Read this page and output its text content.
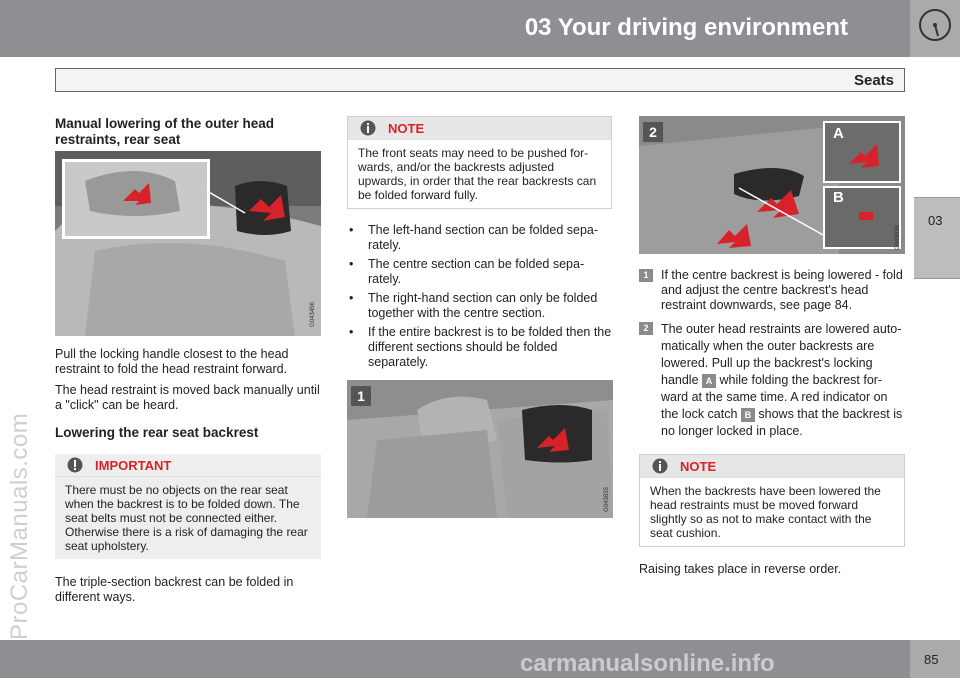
03 Your driving environment
Seats
03
ProCarManuals.com
Manual lowering of the outer head restraints, rear seat
G043456

Pull the locking handle closest to the head restraint to fold the head restraint forward.

The head restraint is moved back manually until a "click" can be heard.

Lowering the rear seat backrest
IMPORTANT
There must be no objects on the rear seat when the backrest is to be folded down. The seat belts must not be connected either. Otherwise there is a risk of damaging the rear seat upholstery.

The triple-section backrest can be folded in different ways.

NOTE
The front seats may need to be pushed for-wards, and/or the backrests adjusted upwards, in order that the rear backrests can be folded forward fully.
• The left-hand section can be folded sepa-rately.
• The centre section can be folded sepa-rately.
• The right-hand section can only be folded together with the centre section.
• If the entire backrest is to be folded then the different sections should be folded separately.
1
G043835
2	A
B
G043836
1	If the centre backrest is being lowered - fold and adjust the centre backrest's head restraint downwards, see page 84.
2	The outer head restraints are lowered auto-matically when the outer backrests are lowered. Pull up the backrest's locking handle A while folding the backrest for-ward at the same time. A red indicator on the lock catch B shows that the backrest is no longer locked in place.
NOTE
When the backrests have been lowered the head restraints must be moved forward slightly so as not to make contact with the seat cushion.

Raising takes place in reverse order.

85
carmanualsonline.info
